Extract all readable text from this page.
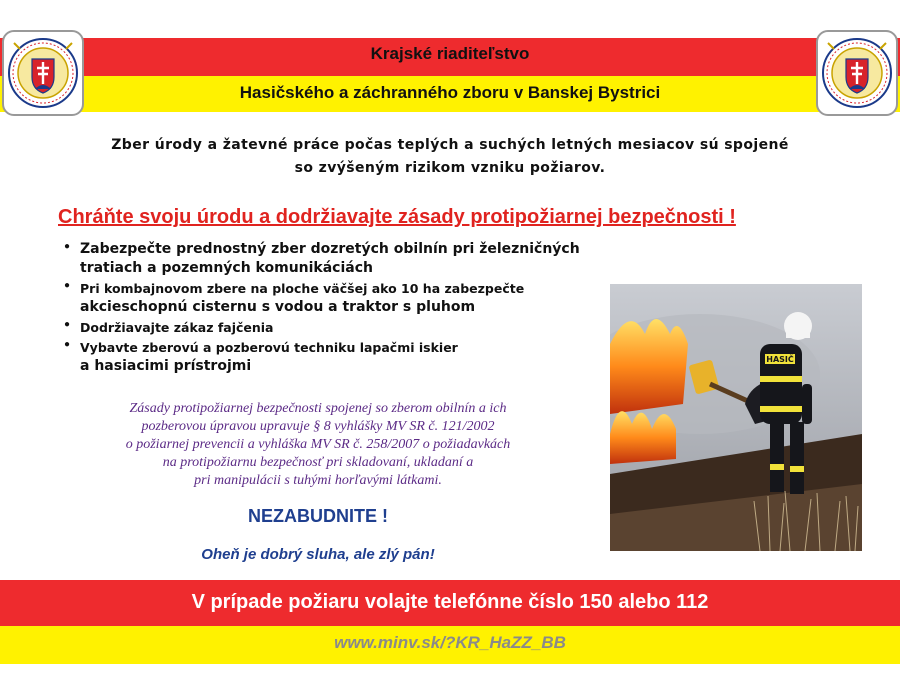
Krajské riaditeľstvo
Hasičského a záchranného zboru v Banskej Bystrici
Zber úrody a žatevné práce počas teplých a suchých letných mesiacov sú spojené
so zvýšeným rizikom vzniku požiarov.
Chráňte svoju úrodu a dodržiavajte zásady protipožiarnej bezpečnosti !
● Zabezpečte prednostný zber dozretých obilnín pri železničných
tratiach a pozemných komunikáciách
● Pri kombajnovom zbere na ploche väčšej ako 10 ha zabezpečte
akcieschopnú cisternu s vodou a traktor s pluhom
● Dodržiavajte zákaz fajčenia
● Vybavte zberovú a pozberovú techniku lapačmi iskier
a hasiacimi prístrojmi
Zásady protipožiarnej bezpečnosti spojenej so zberom obilnín a ich
pozberovou úpravou upravuje § 8 vyhlášky MV SR č. 121/2002
o požiarnej prevencii a vyhláška MV SR č. 258/2007 o požiadavkách
na protipožiarnu bezpečnosť pri skladovaní, ukladaní a
pri manipulácii s tuhými horľavými látkami.
NEZABUDNITE !
Oheň je dobrý sluha, ale zlý pán!
HASIČ
V prípade požiaru volajte telefónne číslo 150 alebo 112
www.minv.sk/?KR_HaZZ_BB
